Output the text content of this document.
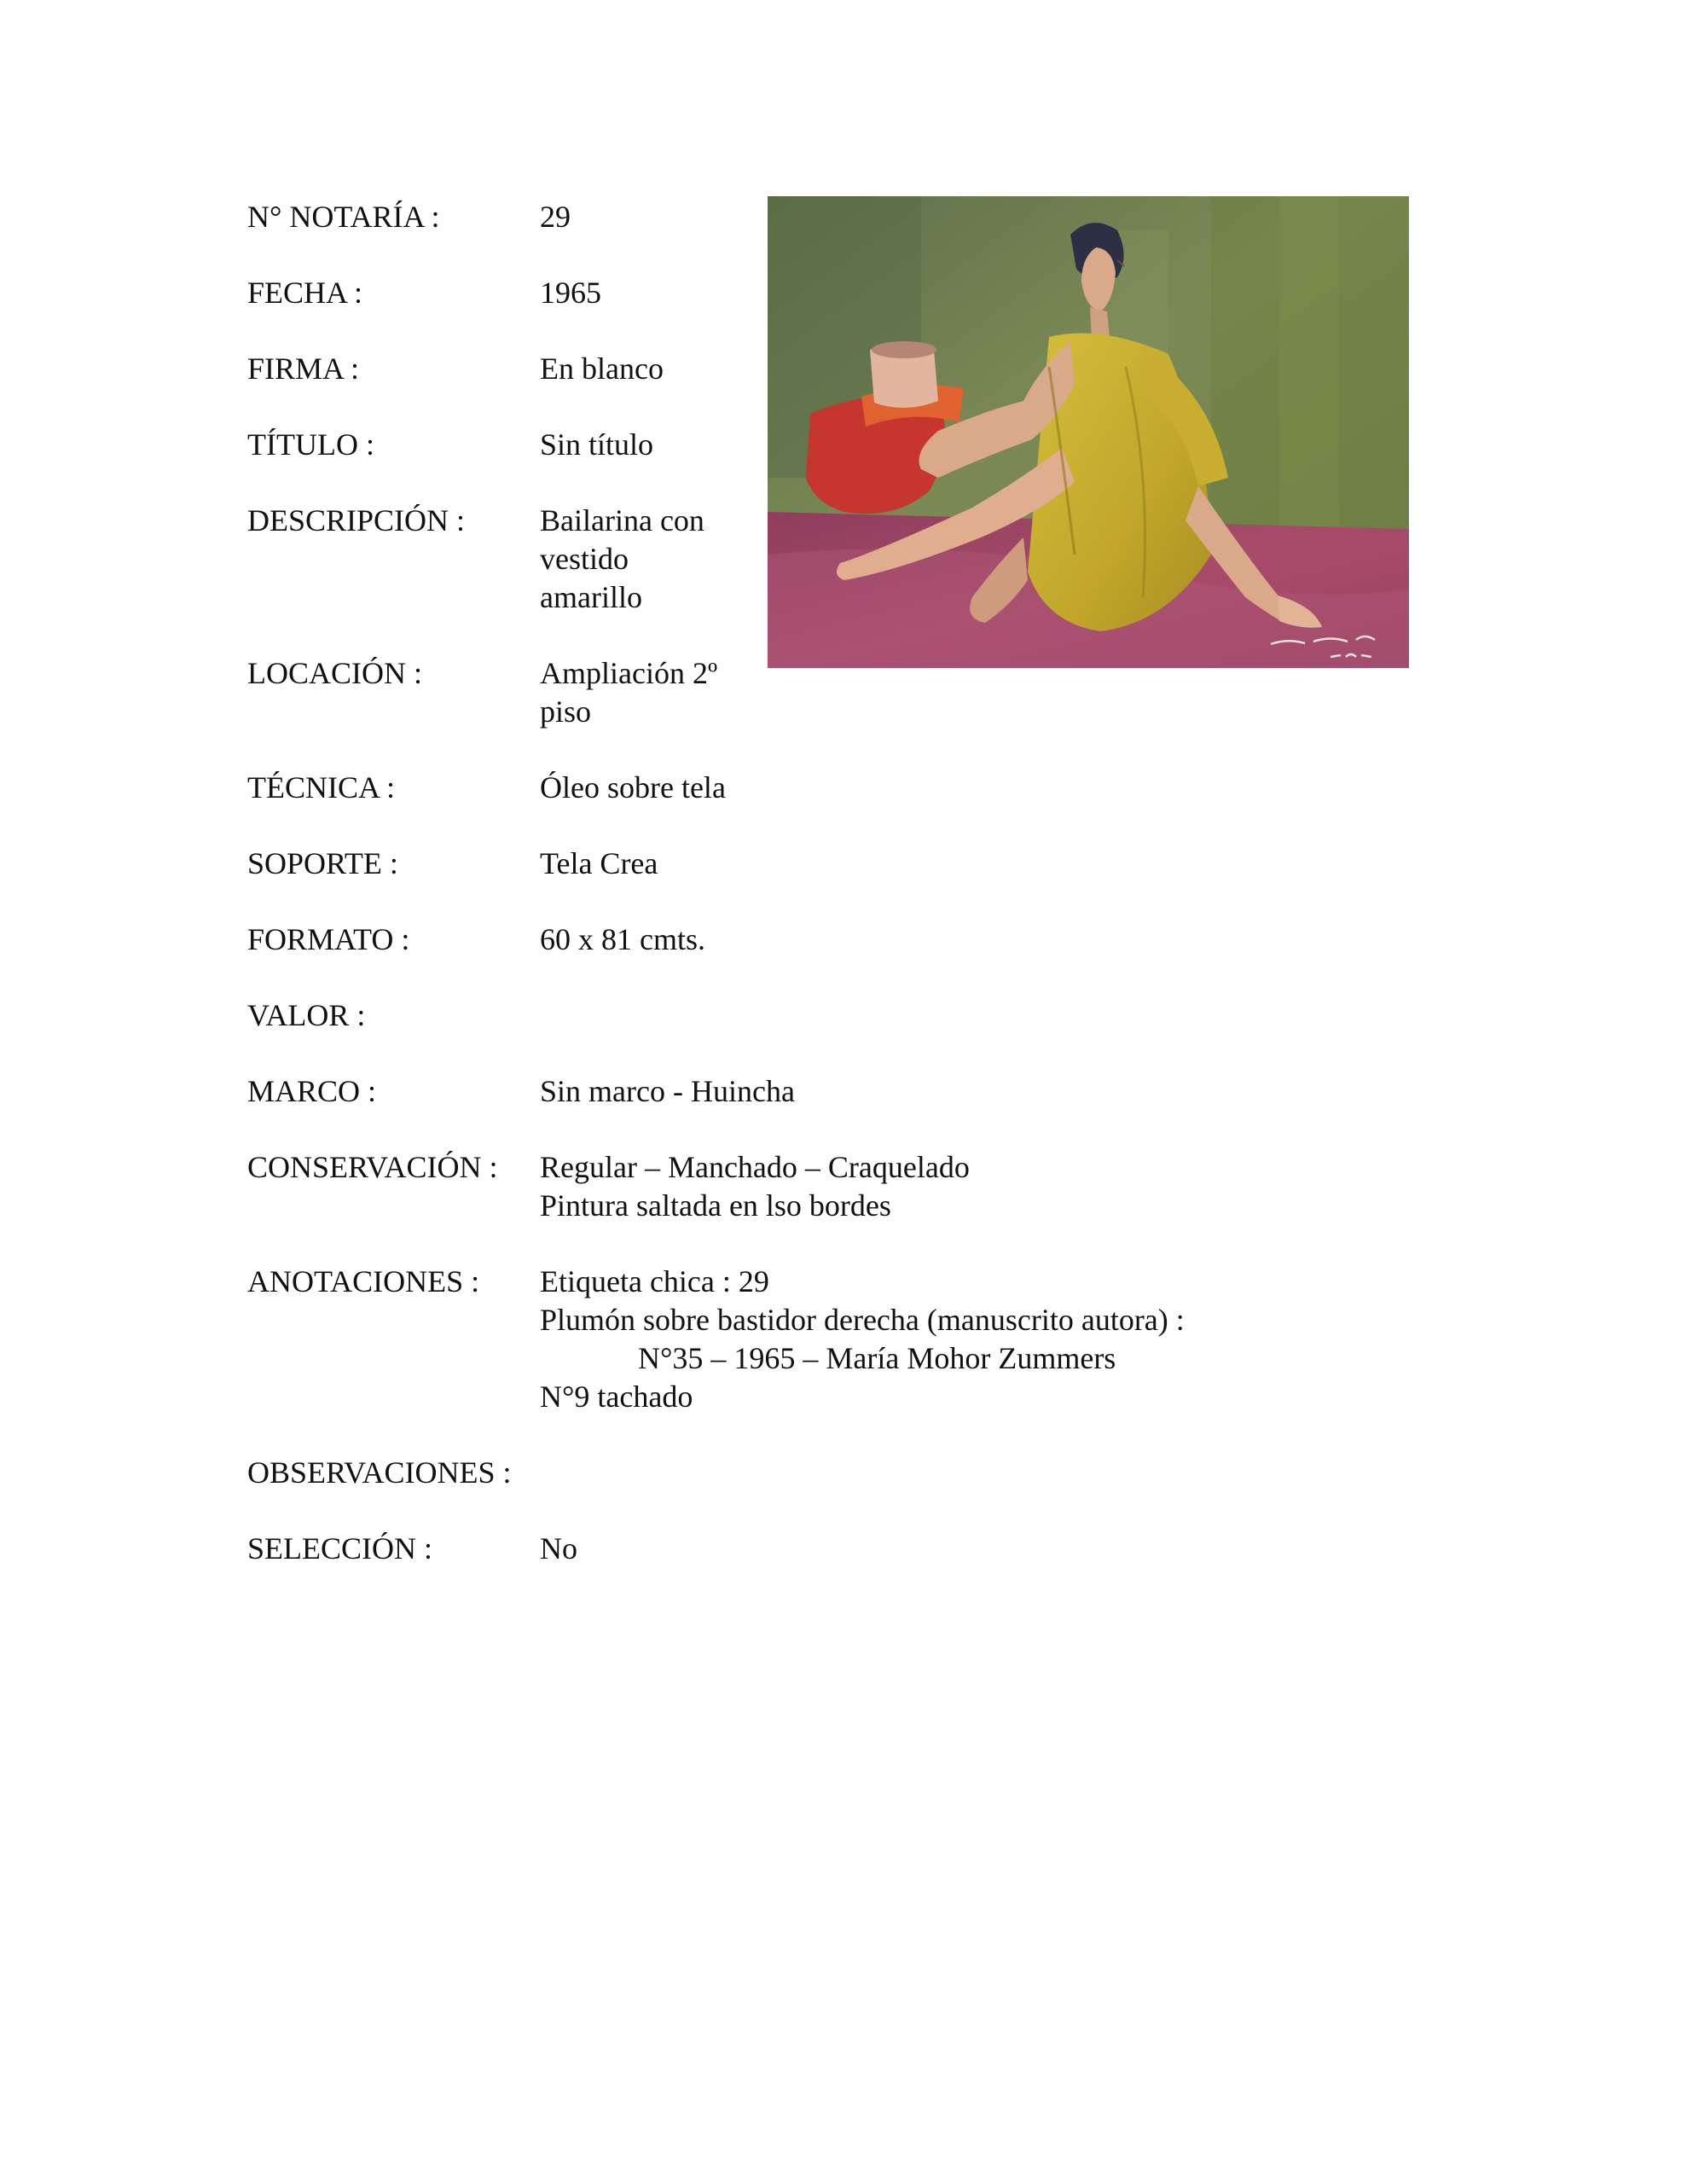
N° NOTARÍA :	29
FECHA :	1965
FIRMA :	En blanco
TÍTULO :	Sin título
DESCRIPCIÓN : Bailarina con
vestido
amarillo
LOCACIÓN :	Ampliación 2º
piso
TÉCNICA :	Óleo sobre tela
SOPORTE :	Tela Crea
FORMATO :	60 x 81 cmts.
VALOR :
MARCO :	Sin marco - Huincha
CONSERVACIÓN : Regular – Manchado – Craquelado
Pintura saltada en lso bordes
ANOTACIONES : Etiqueta chica : 29
Plumón sobre bastidor derecha (manuscrito autora) :
N°35 – 1965 – María Mohor Zummers
N°9 tachado
OBSERVACIONES :
SELECCIÓN :	No
